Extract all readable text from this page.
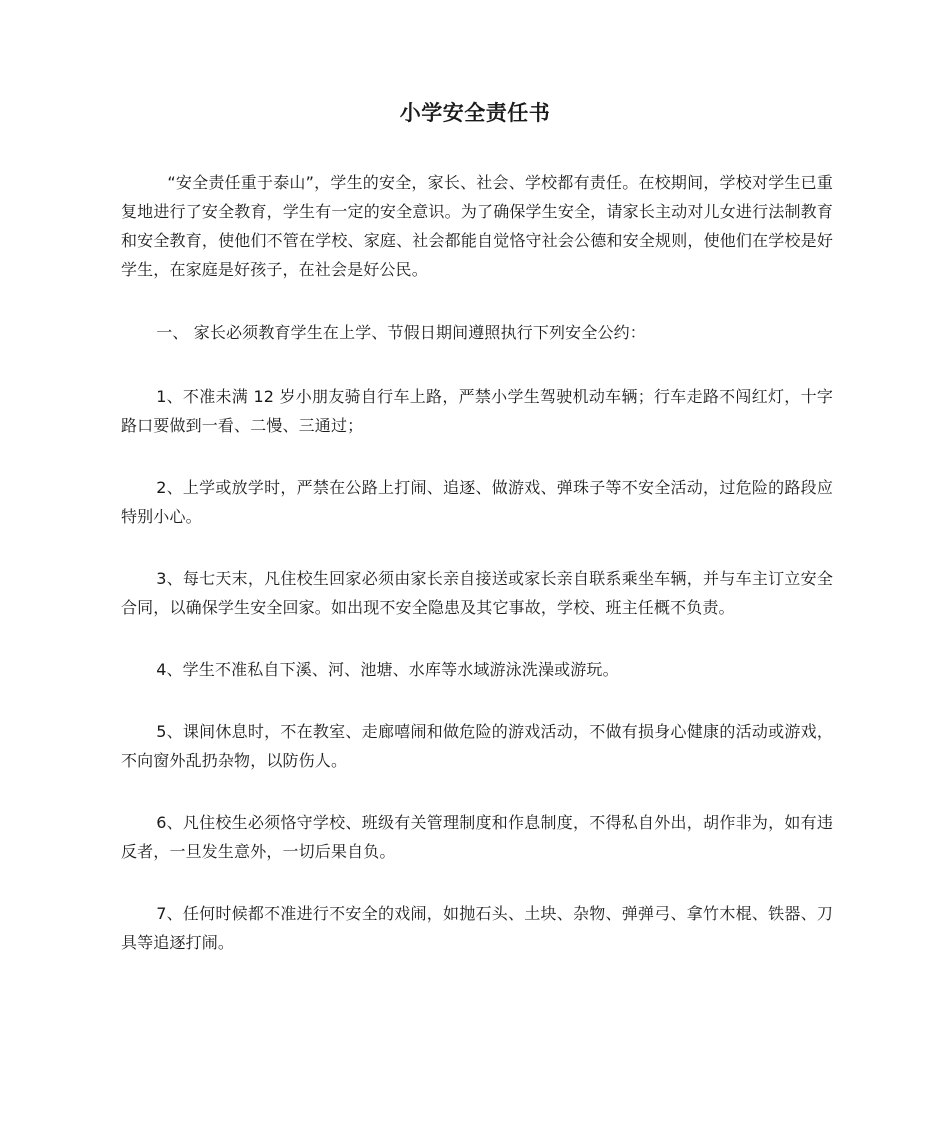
小学安全责任书

“安全责任重于泰山”，学生的安全，家长、社会、学校都有责任。在校期间，学校对学生已重复地进行了安全教育，学生有一定的安全意识。为了确保学生安全，请家长主动对儿女进行法制教育和安全教育，使他们不管在学校、家庭、社会都能自觉恪守社会公德和安全规则，使他们在学校是好学生，在家庭是好孩子，在社会是好公民。

一、 家长必须教育学生在上学、节假日期间遵照执行下列安全公约：

1、不准未满 12 岁小朋友骑自行车上路，严禁小学生驾驶机动车辆；行车走路不闯红灯，十字路口要做到一看、二慢、三通过；

2、上学或放学时，严禁在公路上打闹、追逐、做游戏、弹珠子等不安全活动，过危险的路段应特别小心。

3、每七天末，凡住校生回家必须由家长亲自接送或家长亲自联系乘坐车辆，并与车主订立安全合同，以确保学生安全回家。如出现不安全隐患及其它事故，学校、班主任概不负责。

4、学生不准私自下溪、河、池塘、水库等水域游泳洗澡或游玩。

5、课间休息时，不在教室、走廊嘻闹和做危险的游戏活动，不做有损身心健康的活动或游戏，不向窗外乱扔杂物，以防伤人。

6、凡住校生必须恪守学校、班级有关管理制度和作息制度，不得私自外出，胡作非为，如有违反者，一旦发生意外，一切后果自负。

7、任何时候都不准进行不安全的戏闹，如抛石头、土块、杂物、弹弹弓、拿竹木棍、铁器、刀具等追逐打闹。
